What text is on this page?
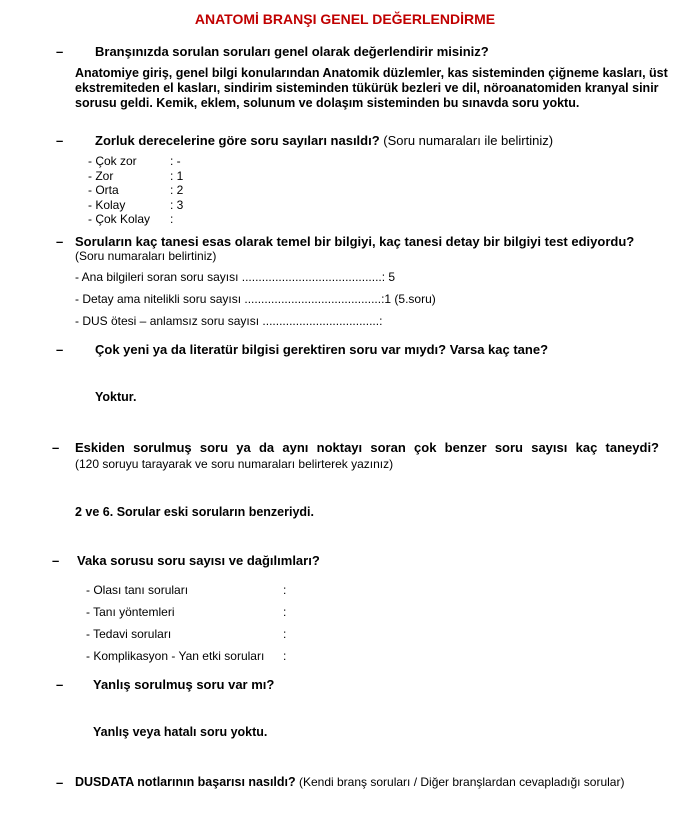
ANATOMİ BRANŞI GENEL DEĞERLENDİRME
– Branşınızda sorulan soruları genel olarak değerlendirir misiniz?
Anatomiye giriş, genel bilgi konularından Anatomik düzlemler, kas sisteminden çiğneme kasları, üst ekstremiteden el kasları, sindirim sisteminden tükürük bezleri ve dil, nöroanatomiden kranyal sinir sorusu geldi. Kemik, eklem, solunum ve dolaşım sisteminden bu sınavda soru yoktu.
– Zorluk derecelerine göre soru sayıları nasıldı? (Soru numaraları ile belirtiniz)
- Çok zor	: -
- Zor	: 1
- Orta	: 2
- Kolay	: 3
- Çok Kolay :
– Soruların kaç tanesi esas olarak temel bir bilgiyi, kaç tanesi detay bir bilgiyi test ediyordu?
(Soru numaraları belirtiniz)
- Ana bilgileri soran soru sayısı ..........................................: 5
- Detay ama nitelikli soru sayısı .........................................:1 (5.soru)
- DUS ötesi – anlamsız soru sayısı ...................................:
– Çok yeni ya da literatür bilgisi gerektiren soru var mıydı? Varsa kaç tane?
Yoktur.
– Eskiden sorulmuş soru ya da aynı noktayı soran çok benzer soru sayısı kaç taneydi?
(120 soruyu tarayarak ve soru numaraları belirterek yazınız)
2 ve 6. Sorular eski soruların benzeriydi.
– Vaka sorusu soru sayısı ve dağılımları?
- Olası tanı soruları	:
- Tanı yöntemleri	:
- Tedavi soruları	:
- Komplikasyon - Yan etki soruları :
– Yanlış sorulmuş soru var mı?
Yanlış veya hatalı soru yoktu.
– DUSDATA notlarının başarısı nasıldı? (Kendi branş soruları / Diğer branşlardan cevapladığı sorular)
